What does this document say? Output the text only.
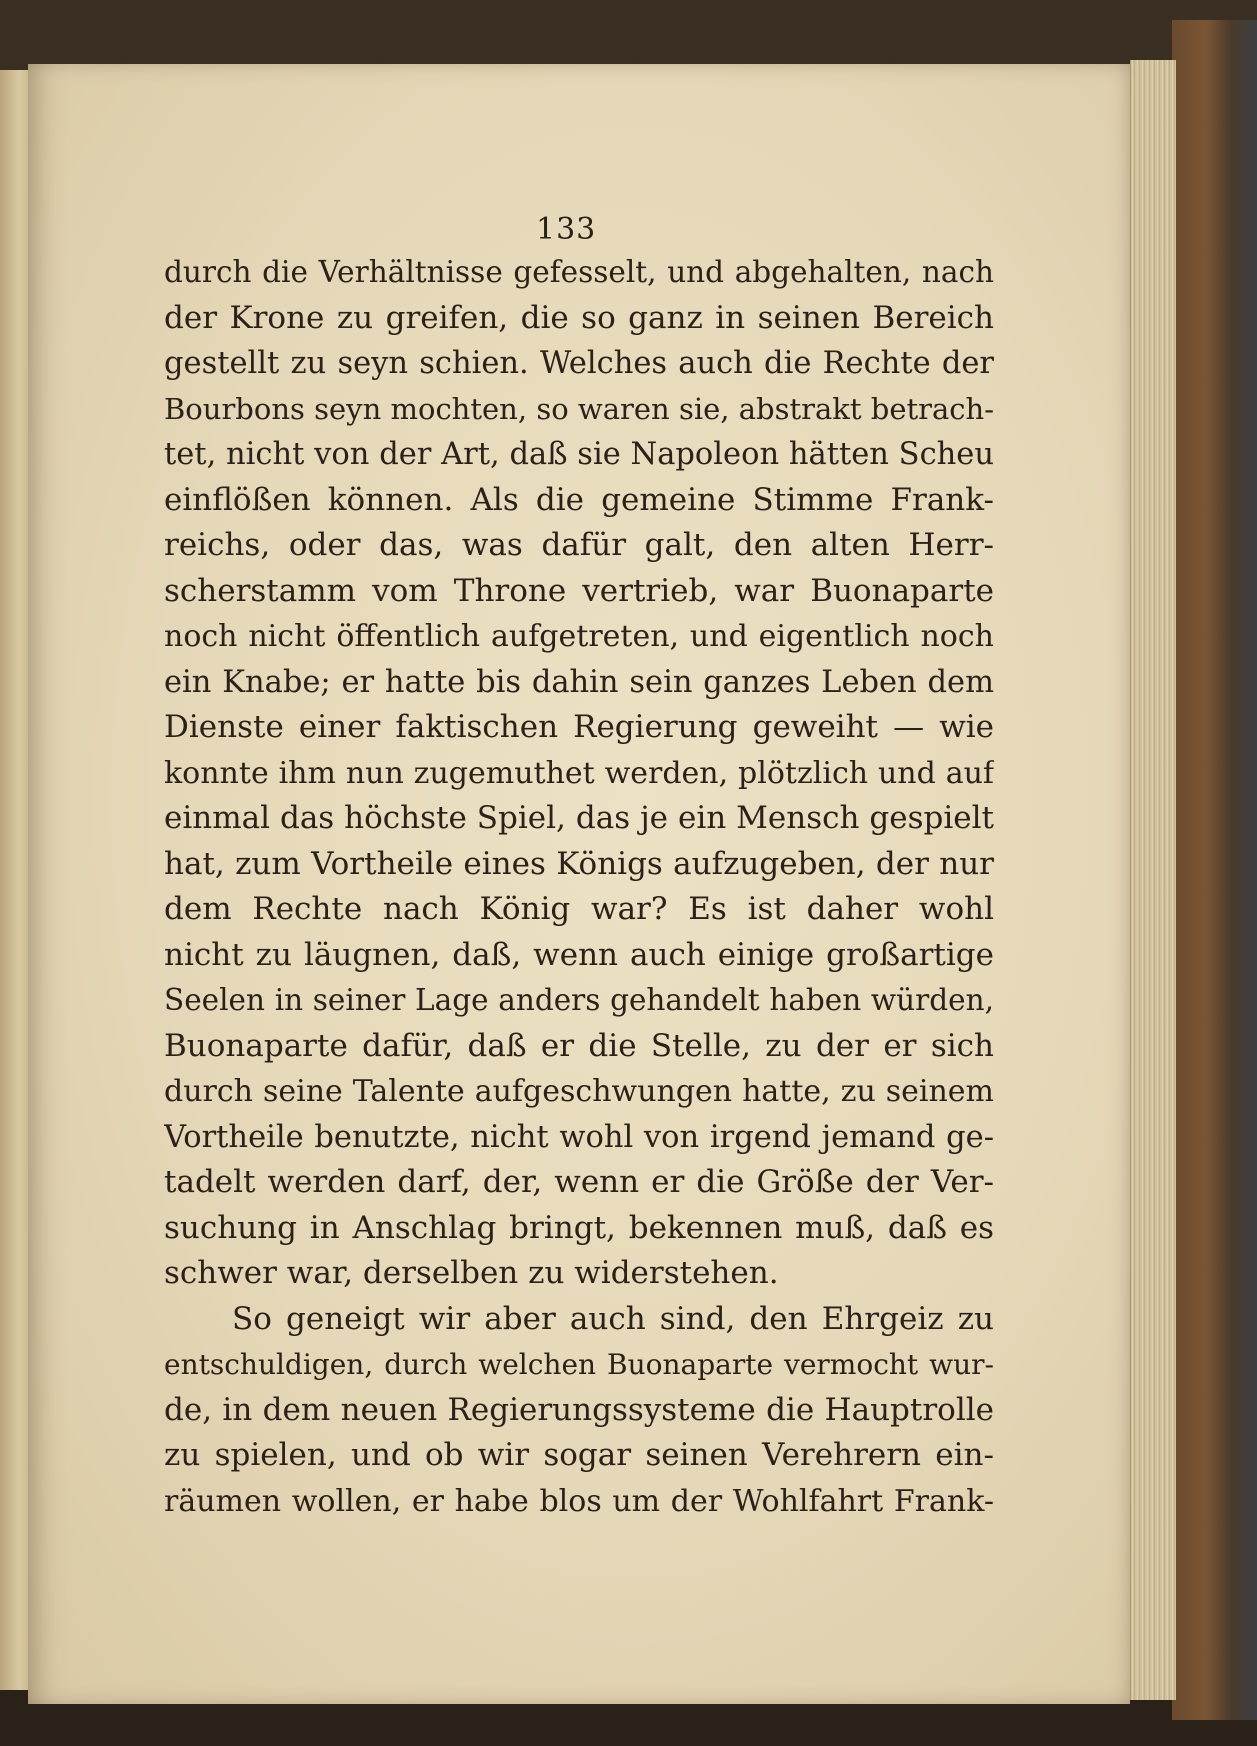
133

durch die Verhältnisse gefesselt, und abgehalten, nach
der Krone zu greifen, die so ganz in seinen Bereich
gestellt zu seyn schien. Welches auch die Rechte der
Bourbons seyn mochten, so waren sie, abstrakt betrach-
tet, nicht von der Art, daß sie Napoleon hätten Scheu
einflößen können. Als die gemeine Stimme Frank-
reichs, oder das, was dafür galt, den alten Herr-
scherstamm vom Throne vertrieb, war Buonaparte
noch nicht öffentlich aufgetreten, und eigentlich noch
ein Knabe; er hatte bis dahin sein ganzes Leben dem
Dienste einer faktischen Regierung geweiht — wie
konnte ihm nun zugemuthet werden, plötzlich und auf
einmal das höchste Spiel, das je ein Mensch gespielt
hat, zum Vortheile eines Königs aufzugeben, der nur
dem Rechte nach König war? Es ist daher wohl
nicht zu läugnen, daß, wenn auch einige großartige
Seelen in seiner Lage anders gehandelt haben würden,
Buonaparte dafür, daß er die Stelle, zu der er sich
durch seine Talente aufgeschwungen hatte, zu seinem
Vortheile benutzte, nicht wohl von irgend jemand ge-
tadelt werden darf, der, wenn er die Größe der Ver-
suchung in Anschlag bringt, bekennen muß, daß es
schwer war, derselben zu widerstehen.
So geneigt wir aber auch sind, den Ehrgeiz zu
entschuldigen, durch welchen Buonaparte vermocht wur-
de, in dem neuen Regierungssysteme die Hauptrolle
zu spielen, und ob wir sogar seinen Verehrern ein-
räumen wollen, er habe blos um der Wohlfahrt Frank-
